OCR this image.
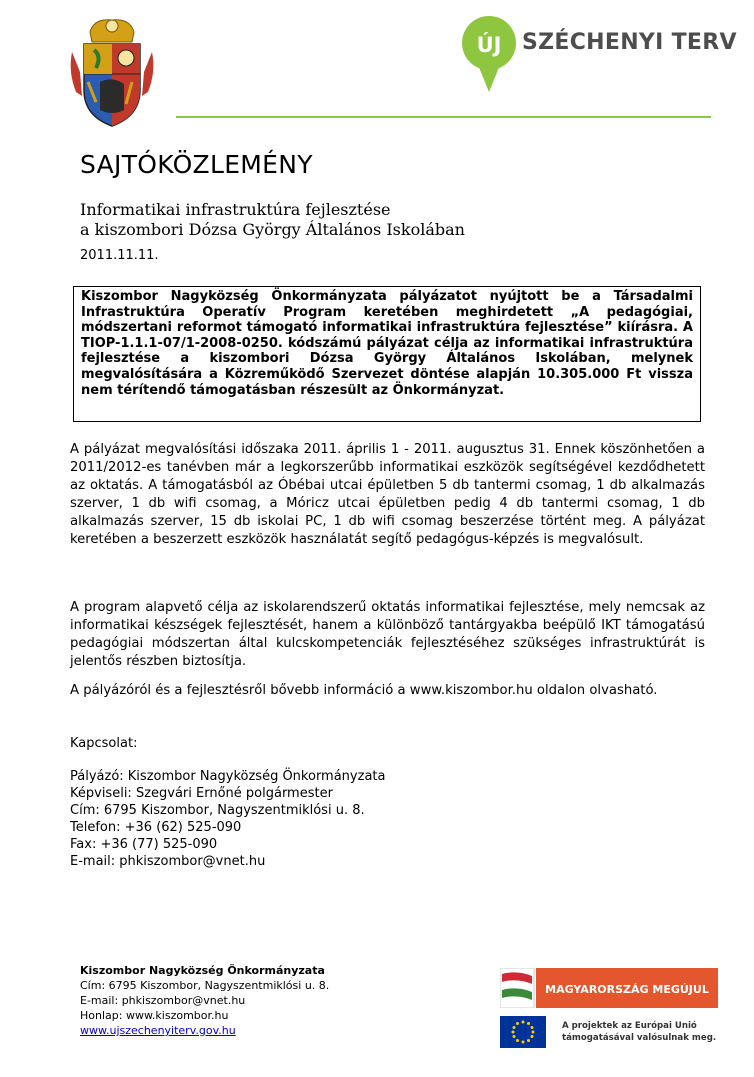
ÚJ SZÉCHENYI TERV
SAJTÓKÖZLEMÉNY
Informatikai infrastruktúra fejlesztése
a kiszombori Dózsa György Általános Iskolában
2011.11.11.
Kiszombor Nagyközség Önkormányzata pályázatot nyújtott be a Társadalmi Infrastruktúra Operatív Program keretében meghirdetett „A pedagógiai, módszertani reformot támogató informatikai infrastruktúra fejlesztése” kiírásra. A TIOP-1.1.1-07/1-2008-0250. kódszámú pályázat célja az informatikai infrastruktúra fejlesztése a kiszombori Dózsa György Általános Iskolában, melynek megvalósítására a Közreműködő Szervezet döntése alapján 10.305.000 Ft vissza nem térítendő támogatásban részesült az Önkormányzat.
A pályázat megvalósítási időszaka 2011. április 1 - 2011. augusztus 31. Ennek köszönhetően a 2011/2012-es tanévben már a legkorszerűbb informatikai eszközök segítségével kezdődhetett az oktatás. A támogatásból az Óbébai utcai épületben 5 db tantermi csomag, 1 db alkalmazás szerver, 1 db wifi csomag, a Móricz utcai épületben pedig 4 db tantermi csomag, 1 db alkalmazás szerver, 15 db iskolai PC, 1 db wifi csomag beszerzése történt meg. A pályázat keretében a beszerzett eszközök használatát segítő pedagógus-képzés is megvalósult.
A program alapvető célja az iskolarendszerű oktatás informatikai fejlesztése, mely nemcsak az informatikai készségek fejlesztését, hanem a különböző tantárgyakba beépülő IKT támogatású pedagógiai módszertan által kulcskompetenciák fejlesztéséhez szükséges infrastruktúrát is jelentős részben biztosítja.
A pályázóról és a fejlesztésről bővebb információ a www.kiszombor.hu oldalon olvasható.
Kapcsolat:
Pályázó: Kiszombor Nagyközség Önkormányzata
Képviseli: Szegvári Ernőné polgármester
Cím: 6795 Kiszombor, Nagyszentmiklósi u. 8.
Telefon: +36 (62) 525-090
Fax: +36 (77) 525-090
E-mail: phkiszombor@vnet.hu
Kiszombor Nagyközség Önkormányzata
Cím: 6795 Kiszombor, Nagyszentmiklósi u. 8.
E-mail: phkiszombor@vnet.hu
Honlap: www.kiszombor.hu
www.ujszechenyiterv.gov.hu
MAGYARORSZÁG MEGÚJUL
A projektek az Európai Unió
támogatásával valósulnak meg.
